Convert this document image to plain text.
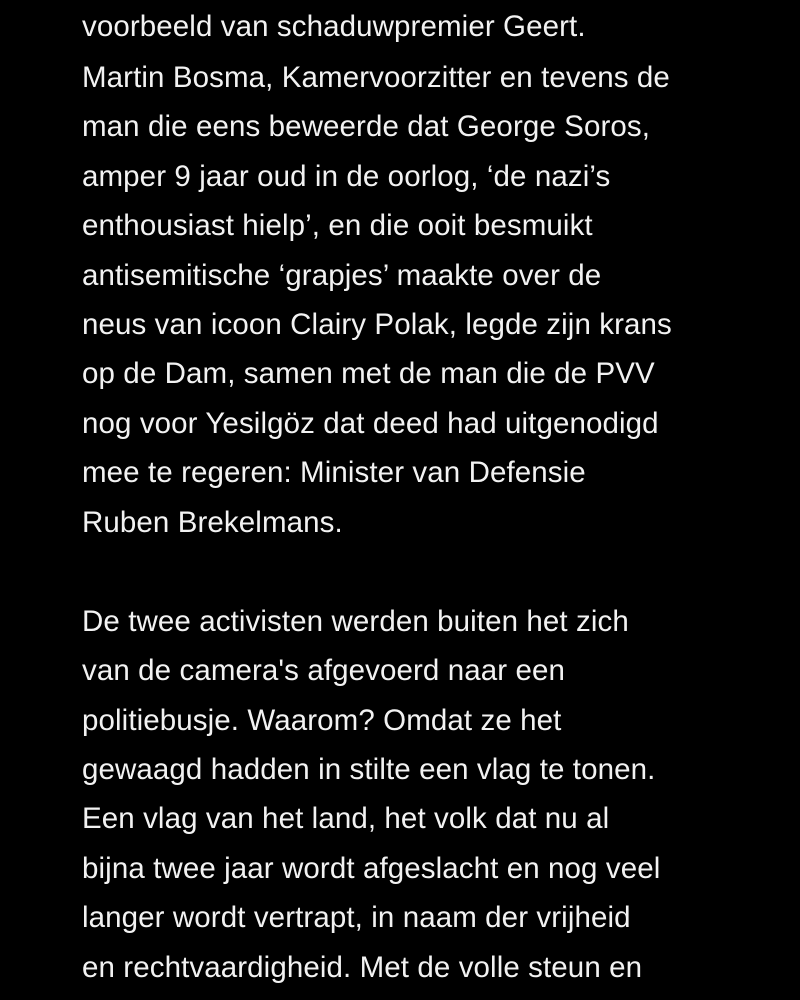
voorbeeld van schaduwpremier Geert.
Martin Bosma, Kamervoorzitter en tevens de
man die eens beweerde dat George Soros,
amper 9 jaar oud in de oorlog, ‘de nazi’s
enthousiast hielp’, en die ooit besmuikt
antisemitische ‘grapjes’ maakte over de
neus van icoon Clairy Polak, legde zijn krans
op de Dam, samen met de man die de PVV
nog voor Yesilgöz dat deed had uitgenodigd
mee te regeren: Minister van Defensie
Ruben Brekelmans.
De twee activisten werden buiten het zich
van de camera's afgevoerd naar een
politiebusje. Waarom? Omdat ze het
gewaagd hadden in stilte een vlag te tonen.
Een vlag van het land, het volk dat nu al
bijna twee jaar wordt afgeslacht en nog veel
langer wordt vertrapt, in naam der vrijheid
en rechtvaardigheid. Met de volle steun en
